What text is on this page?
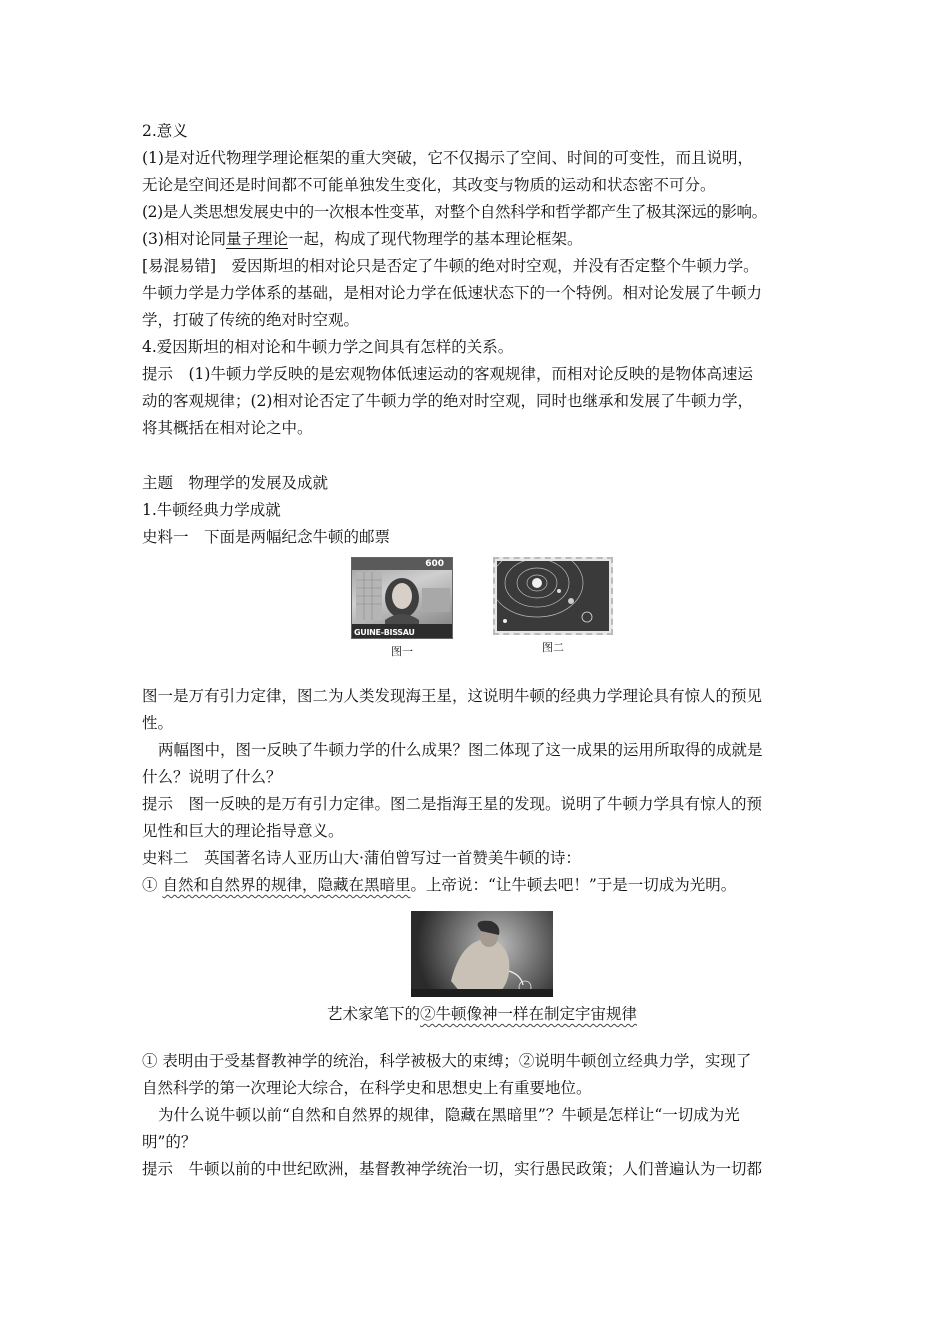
2.意义

(1)是对近代物理学理论框架的重大突破，它不仅揭示了空间、时间的可变性，而且说明，

无论是空间还是时间都不可能单独发生变化，其改变与物质的运动和状态密不可分。

(2)是人类思想发展史中的一次根本性变革，对整个自然科学和哲学都产生了极其深远的影响。

(3)相对论同量子理论一起，构成了现代物理学的基本理论框架。

[易混易错]　爱因斯坦的相对论只是否定了牛顿的绝对时空观，并没有否定整个牛顿力学。

牛顿力学是力学体系的基础，是相对论力学在低速状态下的一个特例。相对论发展了牛顿力

学，打破了传统的绝对时空观。

4.爱因斯坦的相对论和牛顿力学之间具有怎样的关系。

提示　(1)牛顿力学反映的是宏观物体低速运动的客观规律，而相对论反映的是物体高速运

动的客观规律；(2)相对论否定了牛顿力学的绝对时空观，同时也继承和发展了牛顿力学，

将其概括在相对论之中。

主题　物理学的发展及成就

1.牛顿经典力学成就

史料一　下面是两幅纪念牛顿的邮票

600
GUINE-BISSAU
图一	图二

图一是万有引力定律，图二为人类发现海王星，这说明牛顿的经典力学理论具有惊人的预见

性。

两幅图中，图一反映了牛顿力学的什么成果？图二体现了这一成果的运用所取得的成就是

什么？说明了什么？

提示　图一反映的是万有引力定律。图二是指海王星的发现。说明了牛顿力学具有惊人的预

见性和巨大的理论指导意义。

史料二　英国著名诗人亚历山大·蒲伯曾写过一首赞美牛顿的诗：

① 自然和自然界的规律，隐藏在黑暗里。上帝说：“让牛顿去吧！”于是一切成为光明。

艺术家笔下的②牛顿像神一样在制定宇宙规律

① 表明由于受基督教神学的统治，科学被极大的束缚；②说明牛顿创立经典力学，实现了

自然科学的第一次理论大综合，在科学史和思想史上有重要地位。

为什么说牛顿以前“自然和自然界的规律，隐藏在黑暗里”？牛顿是怎样让“一切成为光

明”的？

提示　牛顿以前的中世纪欧洲，基督教神学统治一切，实行愚民政策；人们普遍认为一切都
